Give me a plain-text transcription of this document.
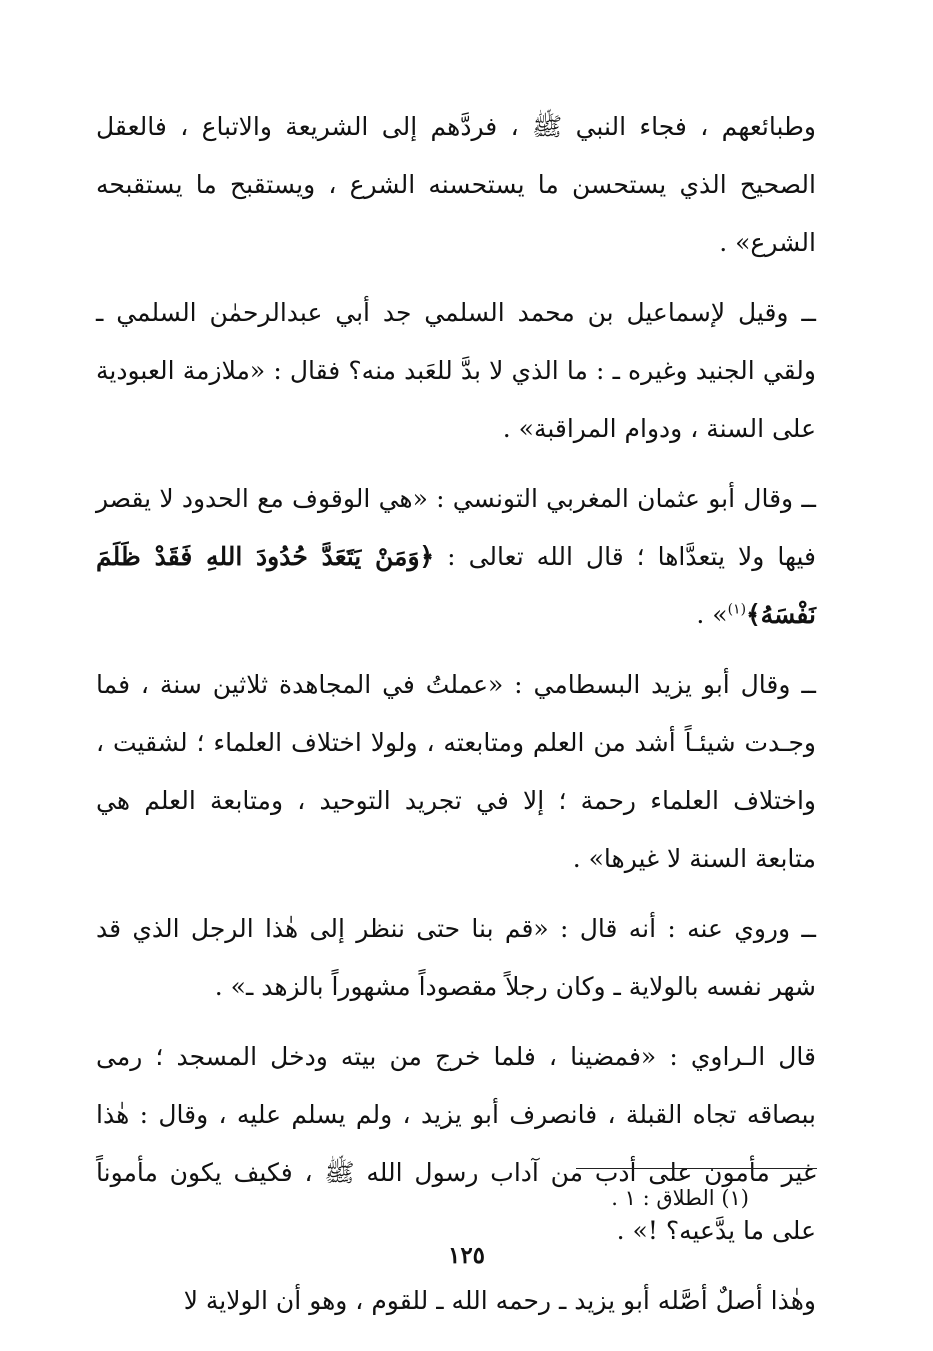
وطبائعهم ، فجاء النبي ﷺ ، فردَّهم إلى الشريعة والاتباع ، فالعقل الصحيح الذي يستحسن ما يستحسنه الشرع ، ويستقبح ما يستقبحه الشرع» .

ــ وقيل لإسماعيل بن محمد السلمي جد أبي عبدالرحمٰن السلمي ـ ولقي الجنيد وغيره ـ : ما الذي لا بدَّ للعَبد منه؟ فقال : «ملازمة العبودية على السنة ، ودوام المراقبة» .

ــ وقال أبو عثمان المغربي التونسي : «هي الوقوف مع الحدود لا يقصر فيها ولا يتعدَّاها ؛ قال الله تعالى : ﴿وَمَنْ يَتَعَدَّ حُدُودَ اللهِ فَقَدْ ظَلَمَ نَفْسَهُ﴾$^{(١)}$» .

ــ وقال أبو يزيد البسطامي : «عملتُ في المجاهدة ثلاثين سنة ، فما وجـدت شيئـاً أشد من العلم ومتابعته ، ولولا اختلاف العلماء ؛ لشقيت ، واختلاف العلماء رحمة ؛ إلا في تجريد التوحيد ، ومتابعة العلم هي متابعة السنة لا غيرها» .

ــ وروي عنه : أنه قال : «قم بنا حتى ننظر إلى هٰذا الرجل الذي قد شهر نفسه بالولاية ـ وكان رجلاً مقصوداً مشهوراً بالزهد ـ» .

قال الـراوي : «فمضينا ، فلما خرج من بيته ودخل المسجد ؛ رمى ببصاقه تجاه القبلة ، فانصرف أبو يزيد ، ولم يسلم عليه ، وقال : هٰذا غير مأمون على أدب من آداب رسول الله ﷺ ، فكيف يكون مأموناً على ما يدَّعيه؟ !» .

وهٰذا أصلٌ أصَّله أبو يزيد ـ رحمه الله ـ للقوم ، وهو أن الولاية لا

(١) الطلاق : ١ .
١٢٥
